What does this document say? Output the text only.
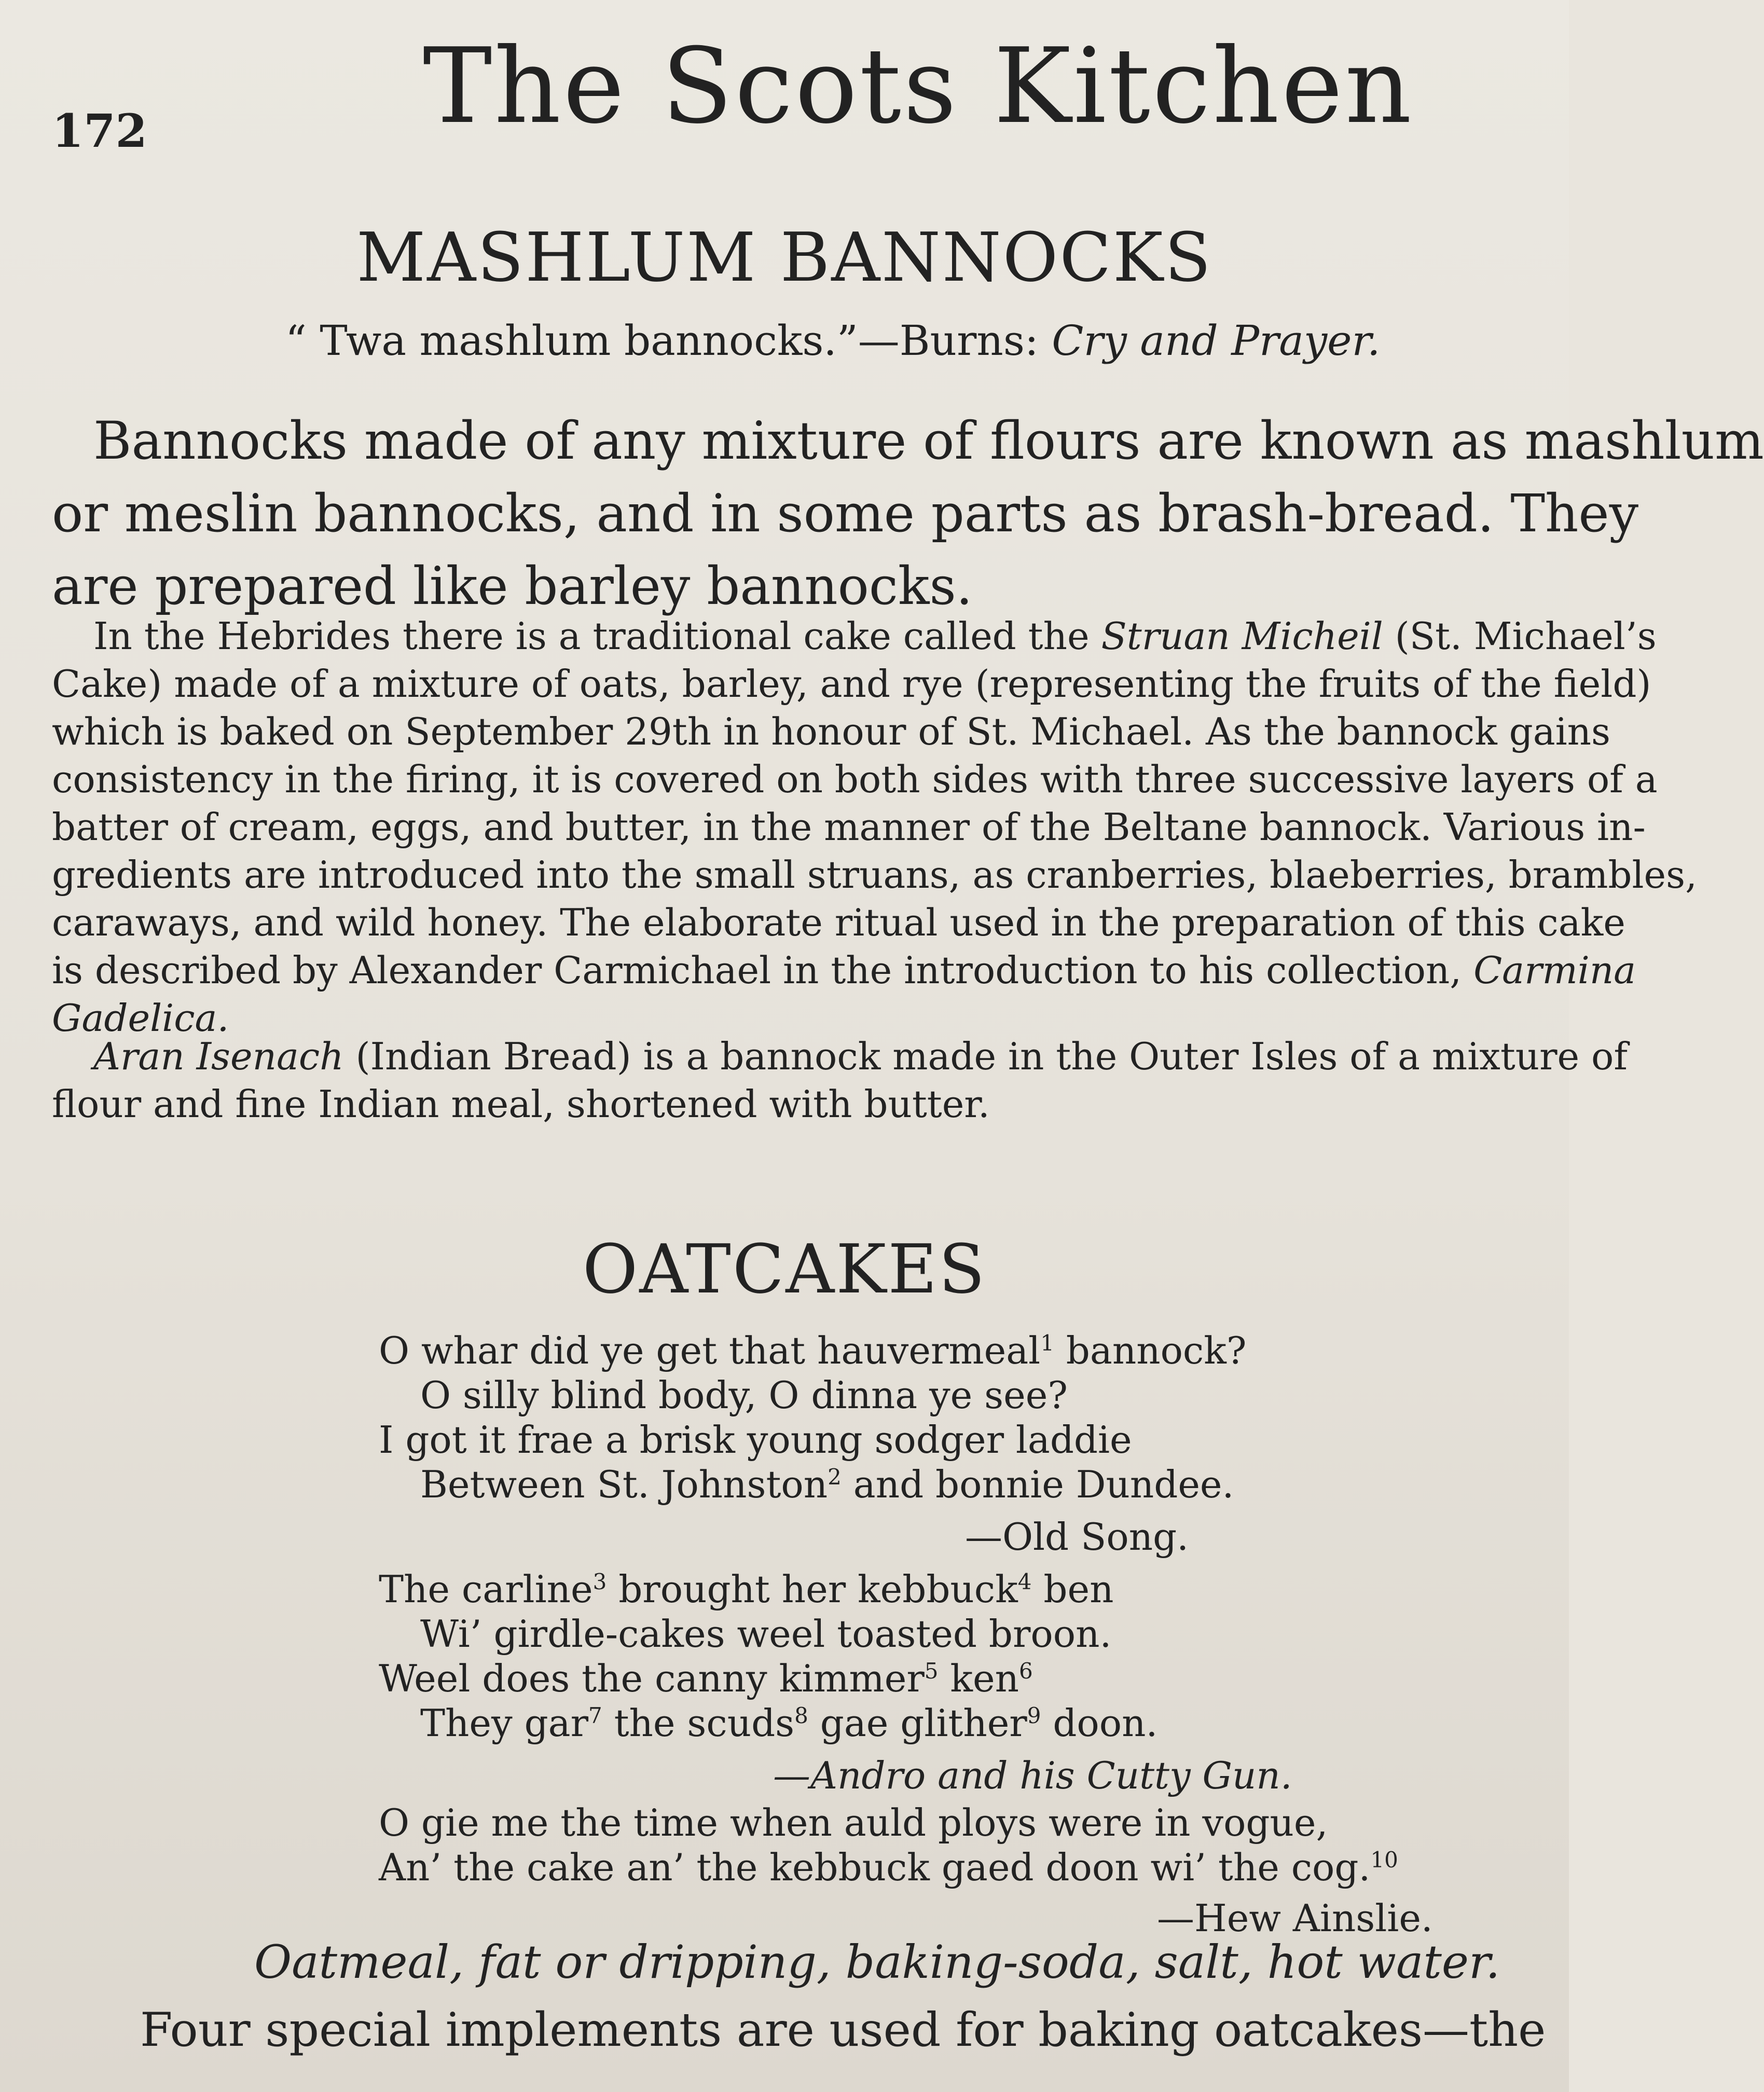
172	The Scots Kitchen
MASHLUM BANNOCKS
“ Twa mashlum bannocks.”—Burns: Cry and Prayer.
Bannocks made of any mixture of flours are known as mashlum
or meslin bannocks, and in some parts as brash-bread. They
are prepared like barley bannocks.
In the Hebrides there is a traditional cake called the Struan Micheil (St. Michael’s
Cake) made of a mixture of oats, barley, and rye (representing the fruits of the field)
which is baked on September 29th in honour of St. Michael. As the bannock gains
consistency in the firing, it is covered on both sides with three successive layers of a
batter of cream, eggs, and butter, in the manner of the Beltane bannock. Various in-
gredients are introduced into the small struans, as cranberries, blaeberries, brambles,
caraways, and wild honey. The elaborate ritual used in the preparation of this cake
is described by Alexander Carmichael in the introduction to his collection, Carmina
Gadelica.
Aran Isenach (Indian Bread) is a bannock made in the Outer Isles of a mixture of
flour and fine Indian meal, shortened with butter.
OATCAKES
O whar did ye get that hauvermeal$^1$ bannock?
O silly blind body, O dinna ye see?
I got it frae a brisk young sodger laddie
Between St. Johnston$^2$ and bonnie Dundee.
—Old Song.
The carline$^3$ brought her kebbuck$^4$ ben
Wi’ girdle-cakes weel toasted broon.
Weel does the canny kimmer$^5$ ken$^6$
They gar$^7$ the scuds$^8$ gae glither$^9$ doon.
—Andro and his Cutty Gun.
O gie me the time when auld ploys were in vogue,
An’ the cake an’ the kebbuck gaed doon wi’ the cog.$^{10}$
—Hew Ainslie.
Oatmeal, fat or dripping, baking-soda, salt, hot water.
Four special implements are used for baking oatcakes—the
